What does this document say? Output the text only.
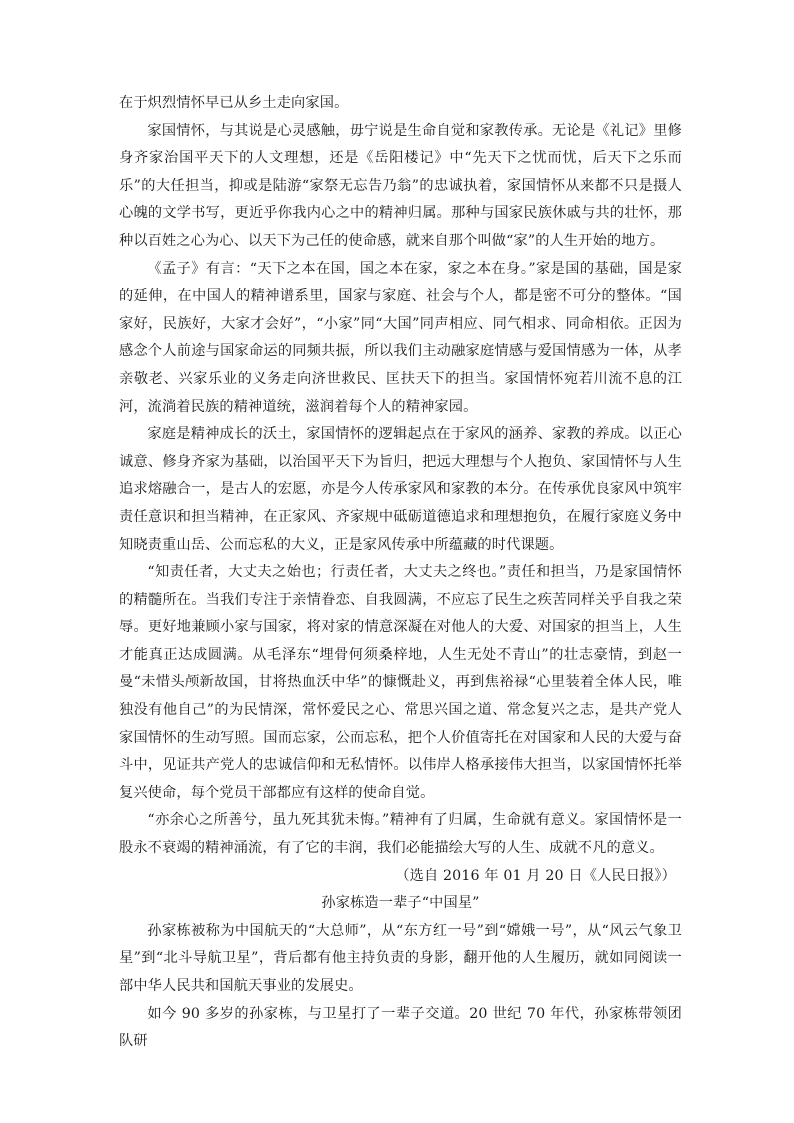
在于炽烈情怀早已从乡土走向家国。

家国情怀，与其说是心灵感触，毋宁说是生命自觉和家教传承。无论是《礼记》里修身齐家治国平天下的人文理想，还是《岳阳楼记》中“先天下之忧而忧，后天下之乐而乐”的大任担当，抑或是陆游“家祭无忘告乃翁”的忠诚执着，家国情怀从来都不只是摄人心魄的文学书写，更近乎你我内心之中的精神归属。那种与国家民族休戚与共的壮怀，那种以百姓之心为心、以天下为己任的使命感，就来自那个叫做“家”的人生开始的地方。

《孟子》有言：“天下之本在国，国之本在家，家之本在身。”家是国的基础，国是家的延伸，在中国人的精神谱系里，国家与家庭、社会与个人，都是密不可分的整体。“国家好，民族好，大家才会好”，“小家”同“大国”同声相应、同气相求、同命相依。正因为感念个人前途与国家命运的同频共振，所以我们主动融家庭情感与爱国情感为一体，从孝亲敬老、兴家乐业的义务走向济世救民、匡扶天下的担当。家国情怀宛若川流不息的江河，流淌着民族的精神道统，滋润着每个人的精神家园。

家庭是精神成长的沃土，家国情怀的逻辑起点在于家风的涵养、家教的养成。以正心诚意、修身齐家为基础，以治国平天下为旨归，把远大理想与个人抱负、家国情怀与人生追求熔融合一，是古人的宏愿，亦是今人传承家风和家教的本分。在传承优良家风中筑牢责任意识和担当精神，在正家风、齐家规中砥砺道德追求和理想抱负，在履行家庭义务中知晓责重山岳、公而忘私的大义，正是家风传承中所蕴藏的时代课题。

“知责任者，大丈夫之始也；行责任者，大丈夫之终也。”责任和担当，乃是家国情怀的精髓所在。当我们专注于亲情眷恋、自我圆满，不应忘了民生之疾苦同样关乎自我之荣辱。更好地兼顾小家与国家，将对家的情意深凝在对他人的大爱、对国家的担当上，人生才能真正达成圆满。从毛泽东“埋骨何须桑梓地，人生无处不青山”的壮志豪情，到赵一曼“未惜头颅新故国，甘将热血沃中华”的慷慨赴义，再到焦裕禄“心里装着全体人民，唯独没有他自己”的为民情深，常怀爱民之心、常思兴国之道、常念复兴之志，是共产党人家国情怀的生动写照。国而忘家，公而忘私，把个人价值寄托在对国家和人民的大爱与奋斗中，见证共产党人的忠诚信仰和无私情怀。以伟岸人格承接伟大担当，以家国情怀托举复兴使命，每个党员干部都应有这样的使命自觉。

“亦余心之所善兮，虽九死其犹未悔。”精神有了归属，生命就有意义。家国情怀是一股永不衰竭的精神涌流，有了它的丰润，我们必能描绘大写的人生、成就不凡的意义。

（选自 2016 年 01 月 20 日《人民日报》）

孙家栋造一辈子“中国星”

孙家栋被称为中国航天的“大总师”，从“东方红一号”到“嫦娥一号”，从“风云气象卫星”到“北斗导航卫星”，背后都有他主持负责的身影，翻开他的人生履历，就如同阅读一部中华人民共和国航天事业的发展史。

如今 90 多岁的孙家栋，与卫星打了一辈子交道。20 世纪 70 年代，孙家栋带领团队研
